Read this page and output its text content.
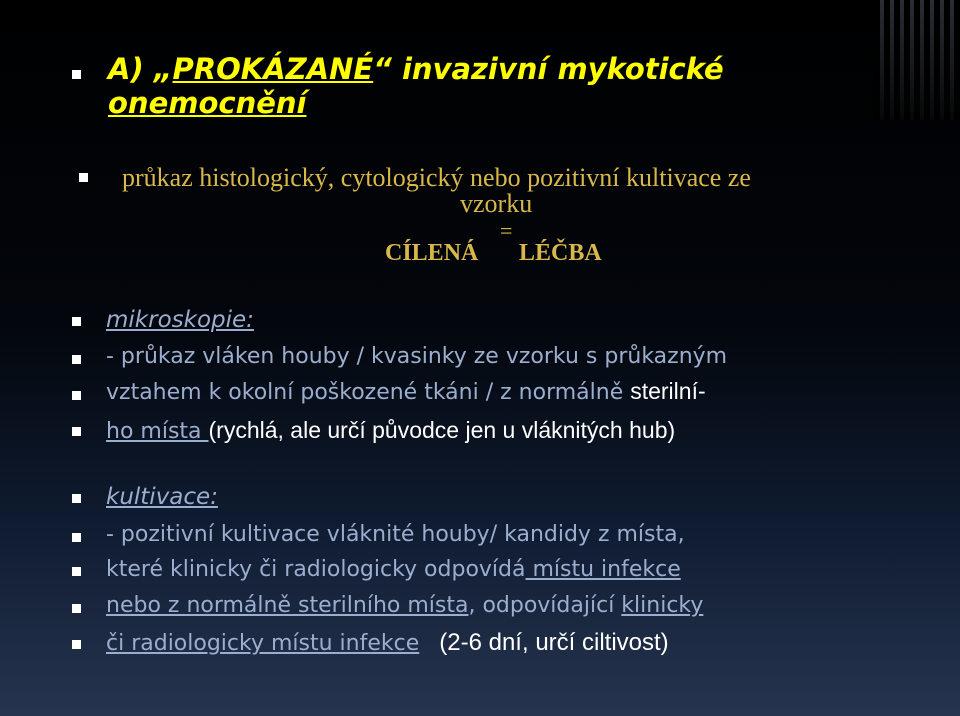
A) „PROKÁZANÉ“ invazivní mykotické
onemocnění
průkaz histologický, cytologický nebo pozitivní kultivace ze
vzorku
=
CÍLENÁ LÉČBA
mikroskopie:
- průkaz vláken houby / kvasinky ze vzorku s průkazným
vztahem k okolní poškozené tkáni / z normálně sterilní-
ho místa (rychlá, ale určí původce jen u vláknitých hub)
kultivace:
- pozitivní kultivace vláknité houby/ kandidy z místa,
které klinicky či radiologicky odpovídá místu infekce
nebo z normálně sterilního místa, odpovídající klinicky
či radiologicky místu infekce (2-6 dní, určí ciltivost)
